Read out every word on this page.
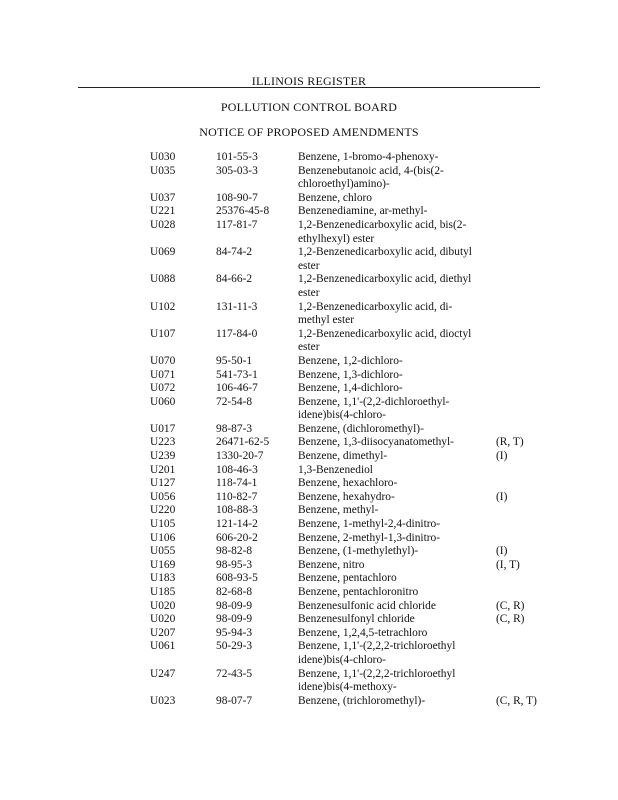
ILLINOIS REGISTER
POLLUTION CONTROL BOARD
NOTICE OF PROPOSED AMENDMENTS
U030	101-55-3	Benzene, 1-bromo-4-phenoxy-
U035	305-03-3	Benzenebutanoic acid, 4-(bis(2-
chloroethyl)amino)-
U037	108-90-7	Benzene, chloro
U221	25376-45-8	Benzenediamine, ar-methyl-
U028	117-81-7	1,2-Benzenedicarboxylic acid, bis(2-
ethylhexyl) ester
U069	84-74-2	1,2-Benzenedicarboxylic acid, dibutyl
ester
U088	84-66-2	1,2-Benzenedicarboxylic acid, diethyl
ester
U102	131-11-3	1,2-Benzenedicarboxylic acid, di-
methyl ester
U107	117-84-0	1,2-Benzenedicarboxylic acid, dioctyl
ester
U070	95-50-1	Benzene, 1,2-dichloro-
U071	541-73-1	Benzene, 1,3-dichloro-
U072	106-46-7	Benzene, 1,4-dichloro-
U060	72-54-8	Benzene, 1,1'-(2,2-dichloroethyl-
idene)bis(4-chloro-
U017	98-87-3	Benzene, (dichloromethyl)-
U223	26471-62-5	Benzene, 1,3-diisocyanatomethyl-	(R, T)
U239	1330-20-7	Benzene, dimethyl-	(I)
U201	108-46-3	1,3-Benzenediol
U127	118-74-1	Benzene, hexachloro-
U056	110-82-7	Benzene, hexahydro-	(I)
U220	108-88-3	Benzene, methyl-
U105	121-14-2	Benzene, 1-methyl-2,4-dinitro-
U106	606-20-2	Benzene, 2-methyl-1,3-dinitro-
U055	98-82-8	Benzene, (1-methylethyl)-	(I)
U169	98-95-3	Benzene, nitro	(I, T)
U183	608-93-5	Benzene, pentachloro
U185	82-68-8	Benzene, pentachloronitro
U020	98-09-9	Benzenesulfonic acid chloride	(C, R)
U020	98-09-9	Benzenesulfonyl chloride	(C, R)
U207	95-94-3	Benzene, 1,2,4,5-tetrachloro
U061	50-29-3	Benzene, 1,1'-(2,2,2-trichloroethyl
idene)bis(4-chloro-
U247	72-43-5	Benzene, 1,1'-(2,2,2-trichloroethyl
idene)bis(4-methoxy-
U023	98-07-7	Benzene, (trichloromethyl)-	(C, R, T)
